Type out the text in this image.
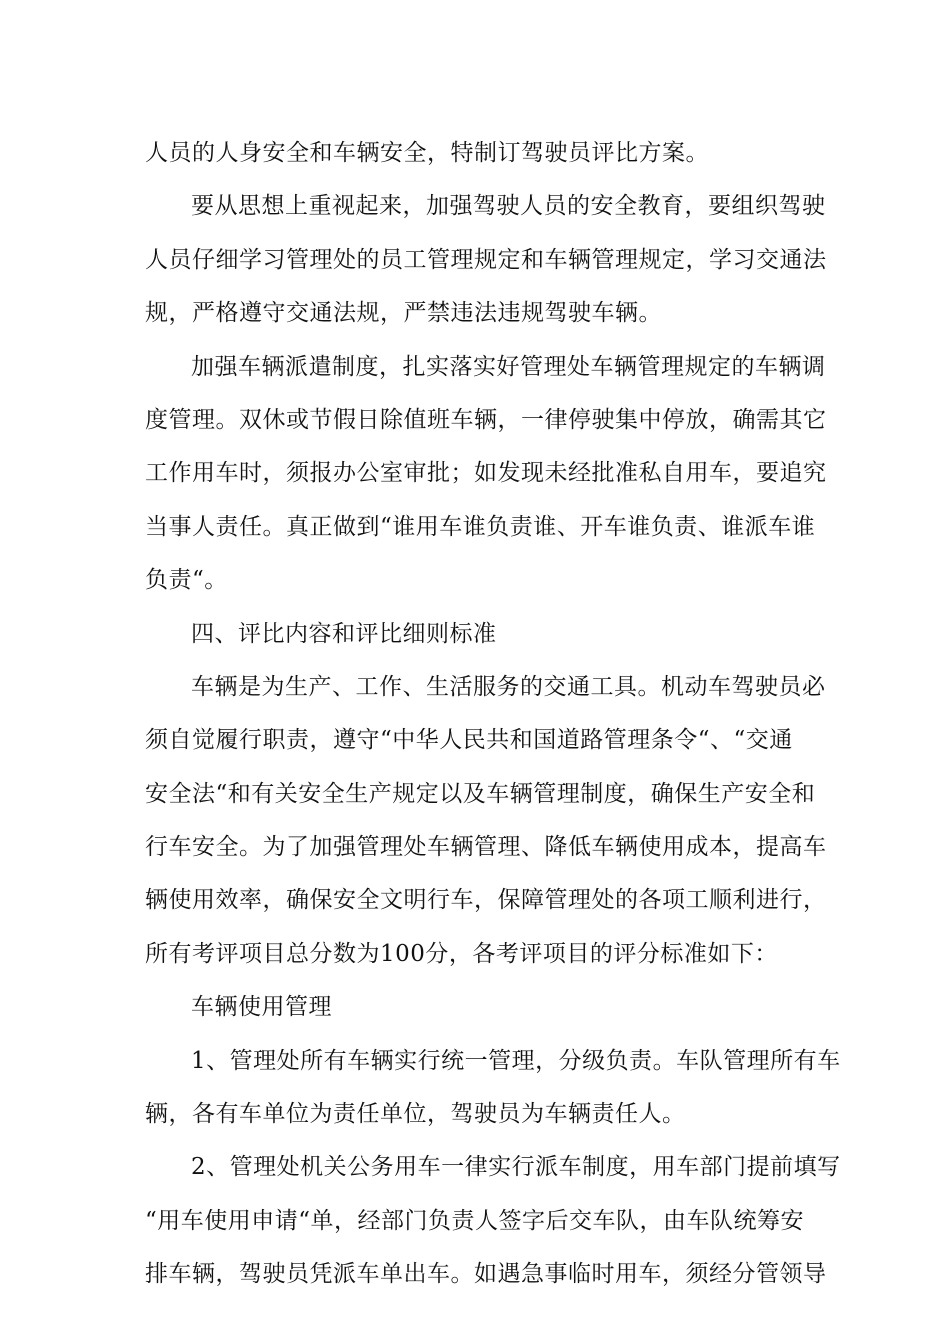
人员的人身安全和车辆安全，特制订驾驶员评比方案。
要从思想上重视起来，加强驾驶人员的安全教育，要组织驾驶
人员仔细学习管理处的员工管理规定和车辆管理规定，学习交通法
规，严格遵守交通法规，严禁违法违规驾驶车辆。
加强车辆派遣制度，扎实落实好管理处车辆管理规定的车辆调
度管理。双休或节假日除值班车辆，一律停驶集中停放，确需其它
工作用车时，须报办公室审批；如发现未经批准私自用车，要追究
当事人责任。真正做到“谁用车谁负责谁、开车谁负责、谁派车谁
负责“。
四、评比内容和评比细则标准
车辆是为生产、工作、生活服务的交通工具。机动车驾驶员必
须自觉履行职责，遵守“中华人民共和国道路管理条令“、“交通
安全法“和有关安全生产规定以及车辆管理制度，确保生产安全和
行车安全。为了加强管理处车辆管理、降低车辆使用成本，提高车
辆使用效率，确保安全文明行车，保障管理处的各项工顺利进行，
所有考评项目总分数为100分，各考评项目的评分标准如下：
车辆使用管理
1、管理处所有车辆实行统一管理，分级负责。车队管理所有车
辆，各有车单位为责任单位，驾驶员为车辆责任人。
2、管理处机关公务用车一律实行派车制度，用车部门提前填写
“用车使用申请“单，经部门负责人签字后交车队，由车队统筹安
排车辆，驾驶员凭派车单出车。如遇急事临时用车，须经分管领导
